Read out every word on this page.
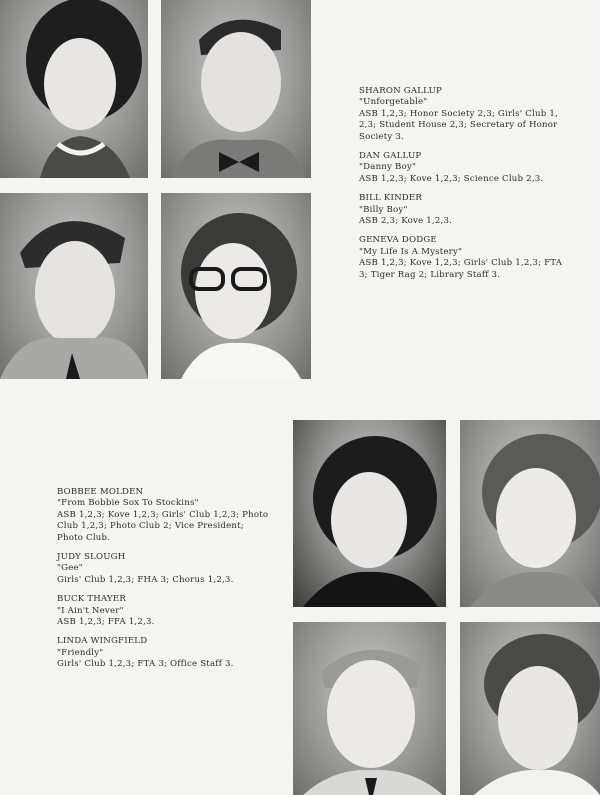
SHARON GALLUP
"Unforgetable"
ASB 1,2,3; Honor Society 2,3; Girls' Club 1, 2,3; Student House 2,3; Secretary of Honor Society 3.
DAN GALLUP
"Danny Boy"
ASB 1,2,3; Kove 1,2,3; Science Club 2,3.
BILL KINDER
"Billy Boy"
ASB 2,3; Kove 1,2,3.
GENEVA DODGE
"My Life Is A Mystery"
ASB 1,2,3; Kove 1,2,3; Girls' Club 1,2,3; FTA 3; Tiger Rag 2; Library Staff 3.
BOBBEE MOLDEN
"From Bobbie Sox To Stockins"
ASB 1,2,3; Kove 1,2,3; Girls' Club 1,2,3; Photo Club 1,2,3; Photo Club 2; Vice President; Photo Club.
JUDY SLOUGH
"Gee"
Girls' Club 1,2,3; FHA 3; Chorus 1,2,3.
BUCK THAYER
"I Ain't Never"
ASB 1,2,3; FFA 1,2,3.
LINDA WINGFIELD
"Friendly"
Girls' Club 1,2,3; FTA 3; Office Staff 3.
